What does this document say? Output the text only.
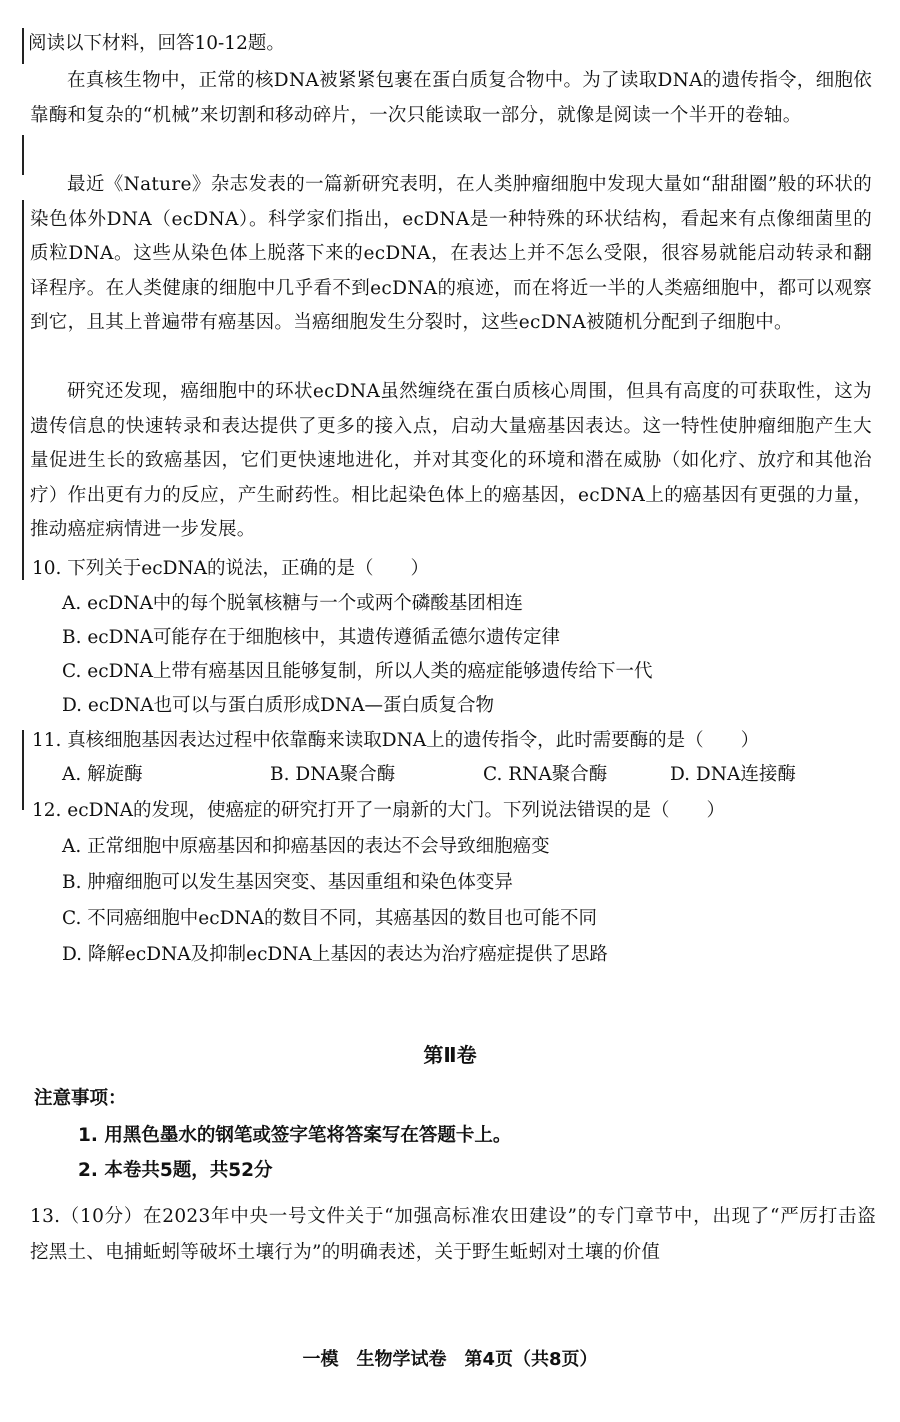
阅读以下材料，回答10-12题。
在真核生物中，正常的核DNA被紧紧包裹在蛋白质复合物中。为了读取DNA的遗传指令，细胞依靠酶和复杂的“机械”来切割和移动碎片，一次只能读取一部分，就像是阅读一个半开的卷轴。
最近《Nature》杂志发表的一篇新研究表明，在人类肿瘤细胞中发现大量如“甜甜圈”般的环状的染色体外DNA（ecDNA）。科学家们指出，ecDNA是一种特殊的环状结构，看起来有点像细菌里的质粒DNA。这些从染色体上脱落下来的ecDNA，在表达上并不怎么受限，很容易就能启动转录和翻译程序。在人类健康的细胞中几乎看不到ecDNA的痕迹，而在将近一半的人类癌细胞中，都可以观察到它，且其上普遍带有癌基因。当癌细胞发生分裂时，这些ecDNA被随机分配到子细胞中。
研究还发现，癌细胞中的环状ecDNA虽然缠绕在蛋白质核心周围，但具有高度的可获取性，这为遗传信息的快速转录和表达提供了更多的接入点，启动大量癌基因表达。这一特性使肿瘤细胞产生大量促进生长的致癌基因，它们更快速地进化，并对其变化的环境和潜在威胁（如化疗、放疗和其他治疗）作出更有力的反应，产生耐药性。相比起染色体上的癌基因，ecDNA上的癌基因有更强的力量，推动癌症病情进一步发展。
10. 下列关于ecDNA的说法，正确的是（　　）
A. ecDNA中的每个脱氧核糖与一个或两个磷酸基团相连
B. ecDNA可能存在于细胞核中，其遗传遵循孟德尔遗传定律
C. ecDNA上带有癌基因且能够复制，所以人类的癌症能够遗传给下一代
D. ecDNA也可以与蛋白质形成DNA—蛋白质复合物
11. 真核细胞基因表达过程中依靠酶来读取DNA上的遗传指令，此时需要酶的是（　　）
A. 解旋酶	B. DNA聚合酶	C. RNA聚合酶	D. DNA连接酶
12. ecDNA的发现，使癌症的研究打开了一扇新的大门。下列说法错误的是（　　）
A. 正常细胞中原癌基因和抑癌基因的表达不会导致细胞癌变
B. 肿瘤细胞可以发生基因突变、基因重组和染色体变异
C. 不同癌细胞中ecDNA的数目不同，其癌基因的数目也可能不同
D. 降解ecDNA及抑制ecDNA上基因的表达为治疗癌症提供了思路
第Ⅱ卷
注意事项：
1. 用黑色墨水的钢笔或签字笔将答案写在答题卡上。
2. 本卷共5题，共52分
13.（10分）在2023年中央一号文件关于“加强高标准农田建设”的专门章节中，出现了“严厉打击盗挖黑土、电捕蚯蚓等破坏土壤行为”的明确表述，关于野生蚯蚓对土壤的价值
一模　生物学试卷　第4页（共8页）
